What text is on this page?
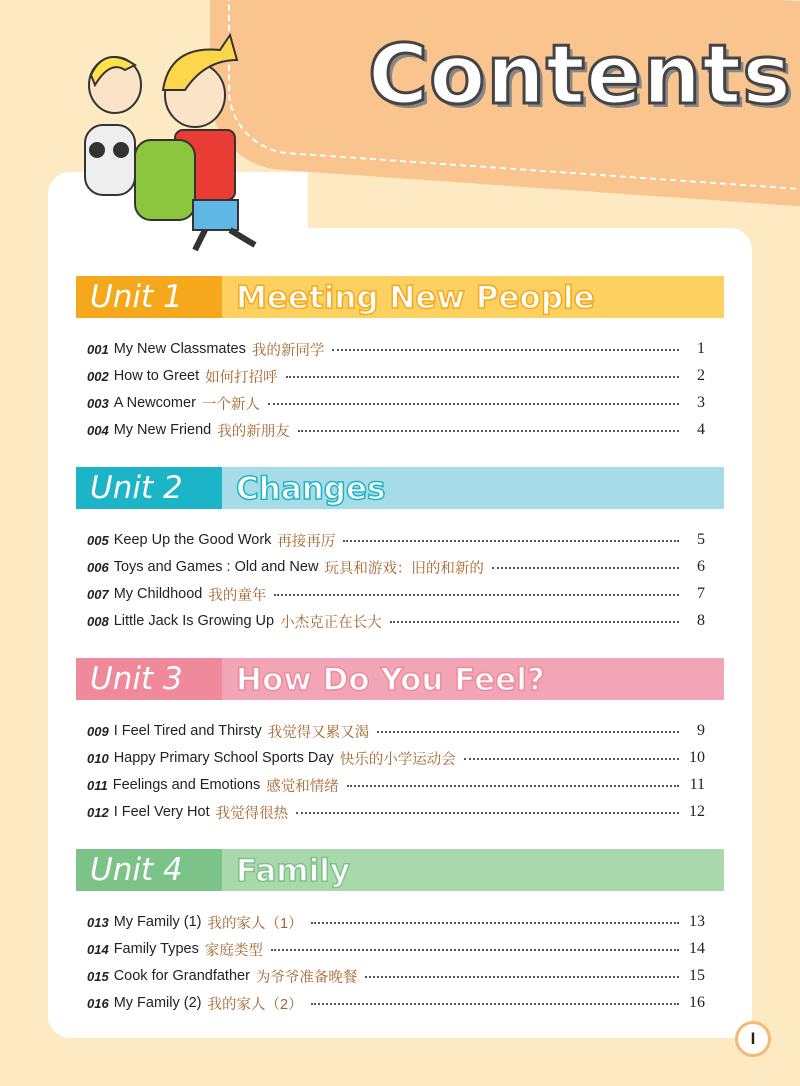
Contents
Unit 1	Meeting New People
001 My New Classmates 我的新同学	1
002 How to Greet 如何打招呼	2
003 A Newcomer 一个新人	3
004 My New Friend 我的新朋友	4
Unit 2	Changes
005 Keep Up the Good Work 再接再厉	5
006 Toys and Games : Old and New 玩具和游戏：旧的和新的	6
007 My Childhood 我的童年	7
008 Little Jack Is Growing Up 小杰克正在长大	8
Unit 3	How Do You Feel?
009 I Feel Tired and Thirsty 我觉得又累又渴	9
010 Happy Primary School Sports Day 快乐的小学运动会	10
011 Feelings and Emotions 感觉和情绪	11
012 I Feel Very Hot 我觉得很热	12
Unit 4	Family
013 My Family (1) 我的家人（1）	13
014 Family Types 家庭类型	14
015 Cook for Grandfather 为爷爷准备晚餐	15
016 My Family (2) 我的家人（2）	16
I
